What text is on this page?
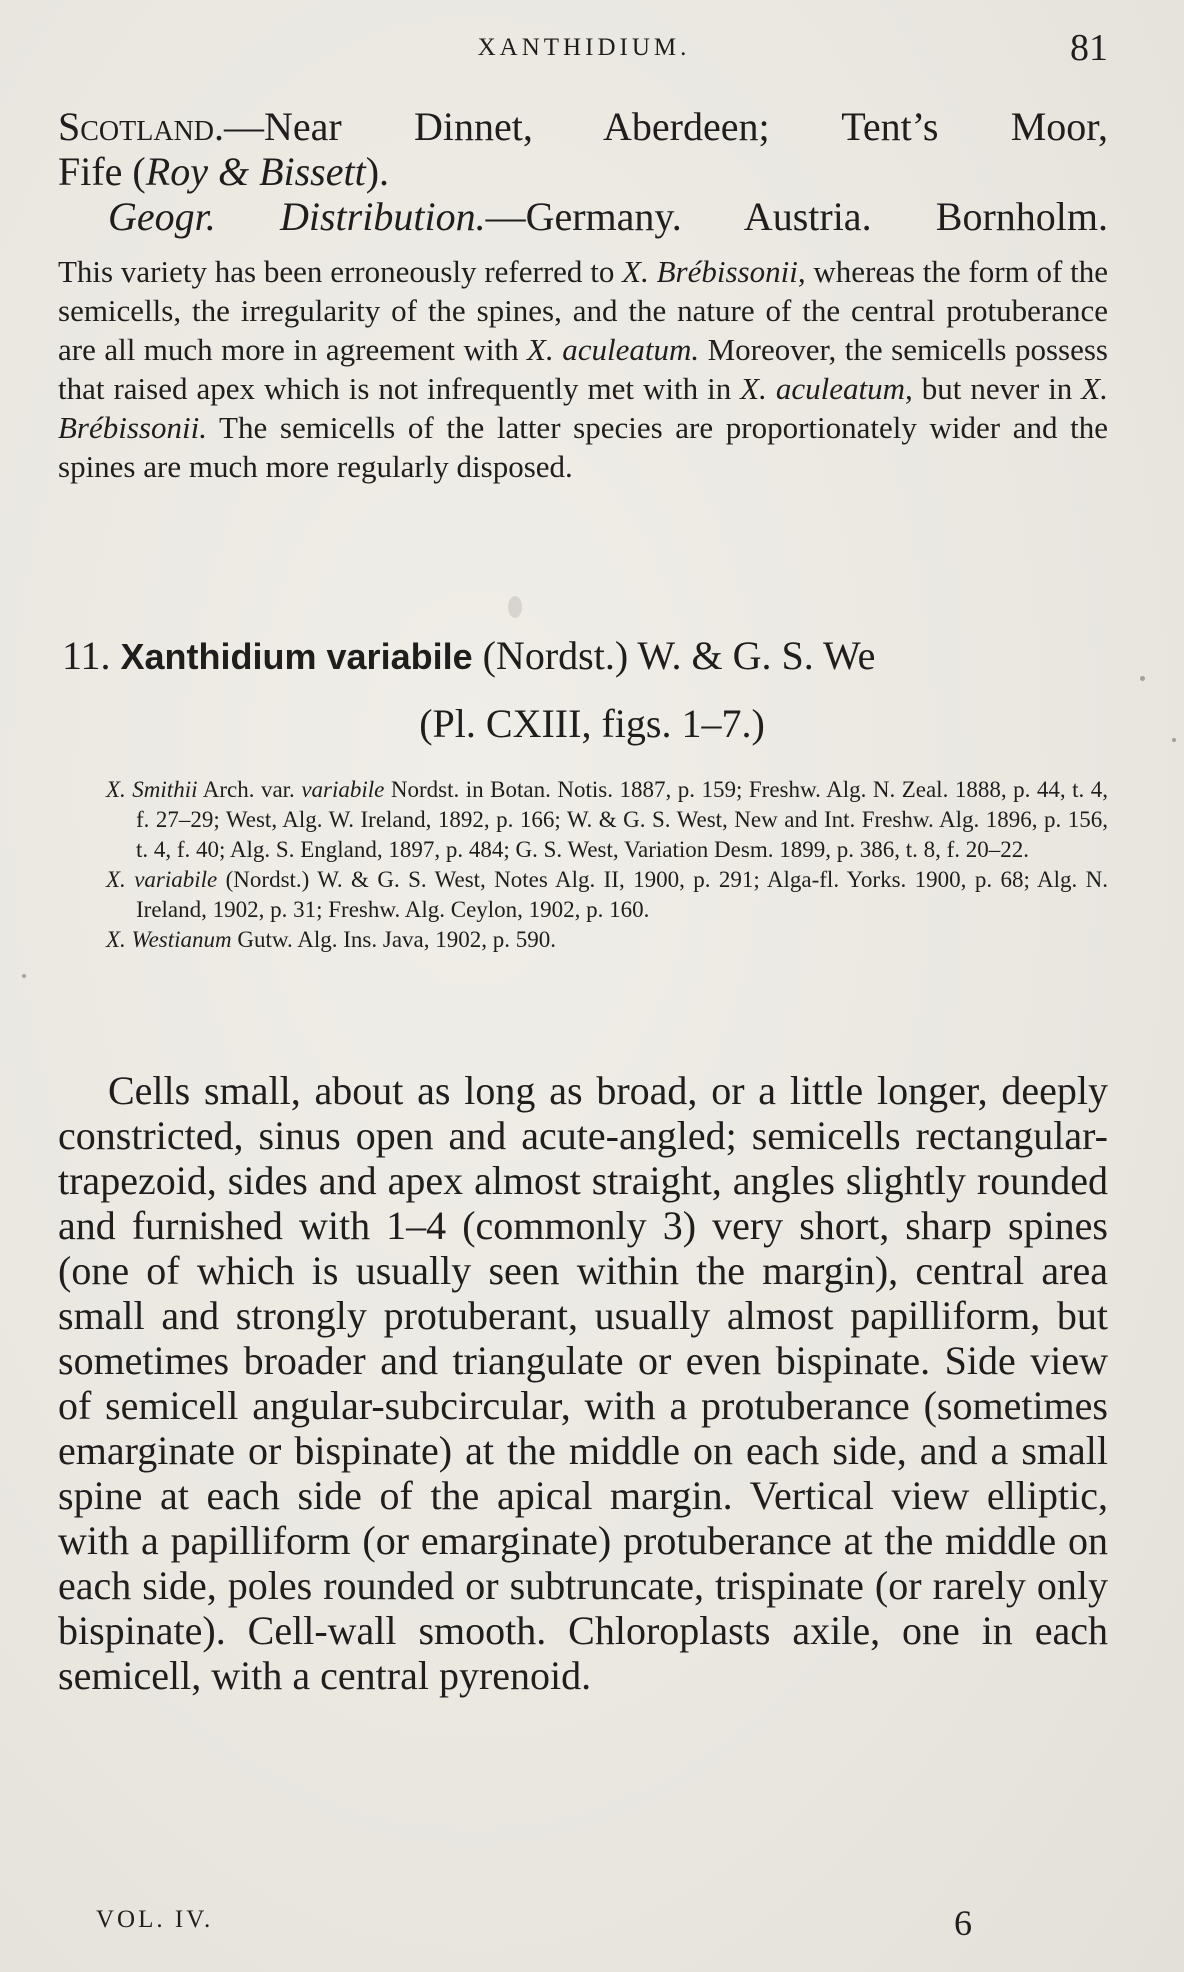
XANTHIDIUM.	81

Scotland.—Near Dinnet, Aberdeen; Tent’s Moor,

Fife (Roy & Bissett).

Geogr. Distribution.—Germany. Austria. Bornholm.

This variety has been erroneously referred to X. Brébissonii, whereas the form of the semicells, the irregularity of the spines, and the nature of the central protuberance are all much more in agreement with X. aculeatum. Moreover, the semicells possess that raised apex which is not infrequently met with in X. aculeatum, but never in X. Brébissonii. The semicells of the latter species are proportionately wider and the spines are much more regularly disposed.

11. Xanthidium variabile (Nordst.) W. & G. S. We
(Pl. CXIII, figs. 1–7.)

X. Smithii Arch. var. variabile Nordst. in Botan. Notis. 1887, p. 159; Freshw. Alg. N. Zeal. 1888, p. 44, t. 4, f. 27–29; West, Alg. W. Ireland, 1892, p. 166; W. & G. S. West, New and Int. Freshw. Alg. 1896, p. 156, t. 4, f. 40; Alg. S. England, 1897, p. 484; G. S. West, Variation Desm. 1899, p. 386, t. 8, f. 20–22.

X. variabile (Nordst.) W. & G. S. West, Notes Alg. II, 1900, p. 291; Alga-fl. Yorks. 1900, p. 68; Alg. N. Ireland, 1902, p. 31; Freshw. Alg. Ceylon, 1902, p. 160.

X. Westianum Gutw. Alg. Ins. Java, 1902, p. 590.

Cells small, about as long as broad, or a little longer, deeply constricted, sinus open and acute-angled; semicells rectangular-trapezoid, sides and apex almost straight, angles slightly rounded and furnished with 1–4 (commonly 3) very short, sharp spines (one of which is usually seen within the margin), central area small and strongly protuberant, usually almost papilliform, but sometimes broader and triangulate or even bispinate. Side view of semicell angular-subcircular, with a protuberance (sometimes emarginate or bispinate) at the middle on each side, and a small spine at each side of the apical margin. Vertical view elliptic, with a papilliform (or emarginate) protuberance at the middle on each side, poles rounded or subtruncate, trispinate (or rarely only bispinate). Cell-wall smooth. Chloroplasts axile, one in each semicell, with a central pyrenoid.

VOL. IV.	6
